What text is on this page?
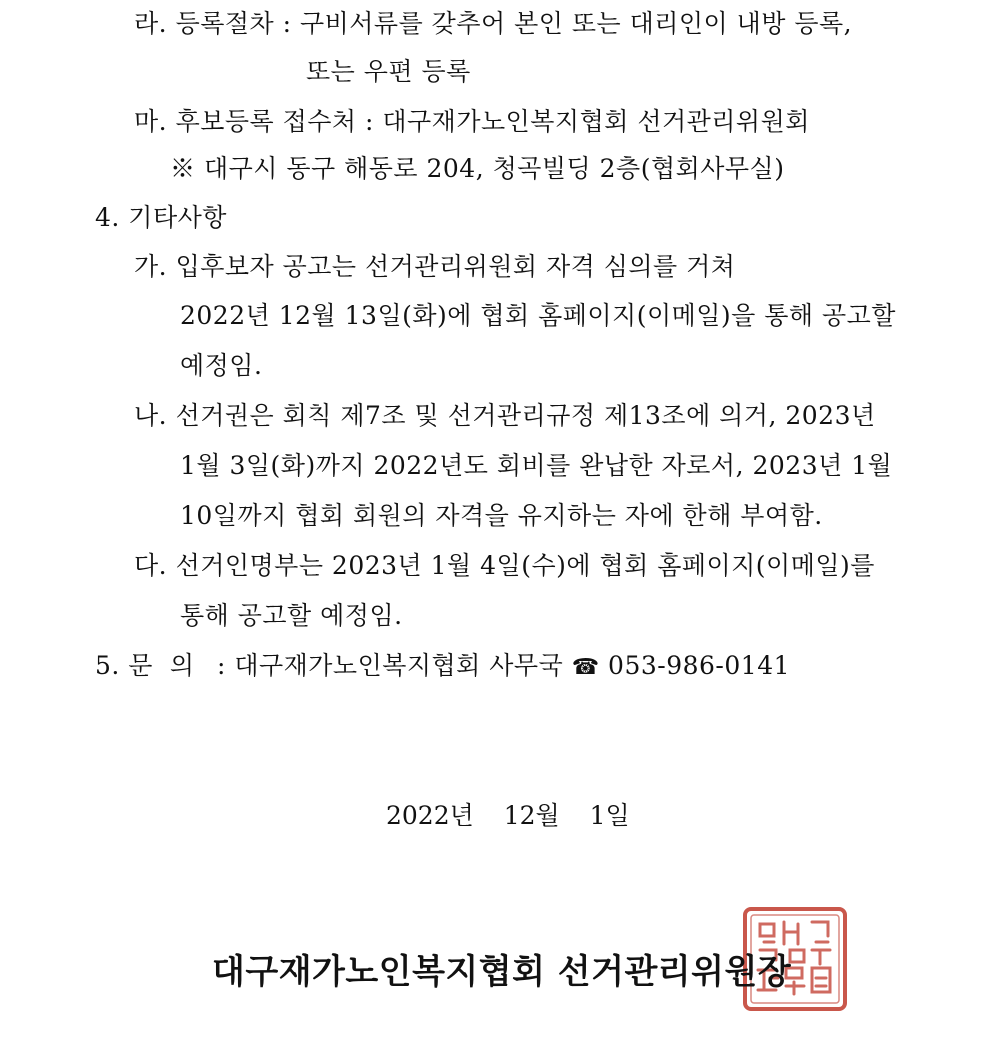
라. 등록절차 : 구비서류를 갖추어 본인 또는 대리인이 내방 등록,
또는 우편 등록
마. 후보등록 접수처 : 대구재가노인복지협회 선거관리위원회
※ 대구시 동구 해동로 204, 청곡빌딩 2층(협회사무실)
4. 기타사항
가. 입후보자 공고는 선거관리위원회 자격 심의를 거쳐
2022년 12월 13일(화)에 협회 홈페이지(이메일)을 통해 공고할
예정임.
나. 선거권은 회칙 제7조 및 선거관리규정 제13조에 의거, 2023년
1월 3일(화)까지 2022년도 회비를 완납한 자로서, 2023년 1월
10일까지 협회 회원의 자격을 유지하는 자에 한해 부여함.
다. 선거인명부는 2023년 1월 4일(수)에 협회 홈페이지(이메일)를
통해 공고할 예정임.
5. 문  의 : 대구재가노인복지협회 사무국 ☎ 053-986-0141
2022년 12월 1일
대구재가노인복지협회 선거관리위원장
